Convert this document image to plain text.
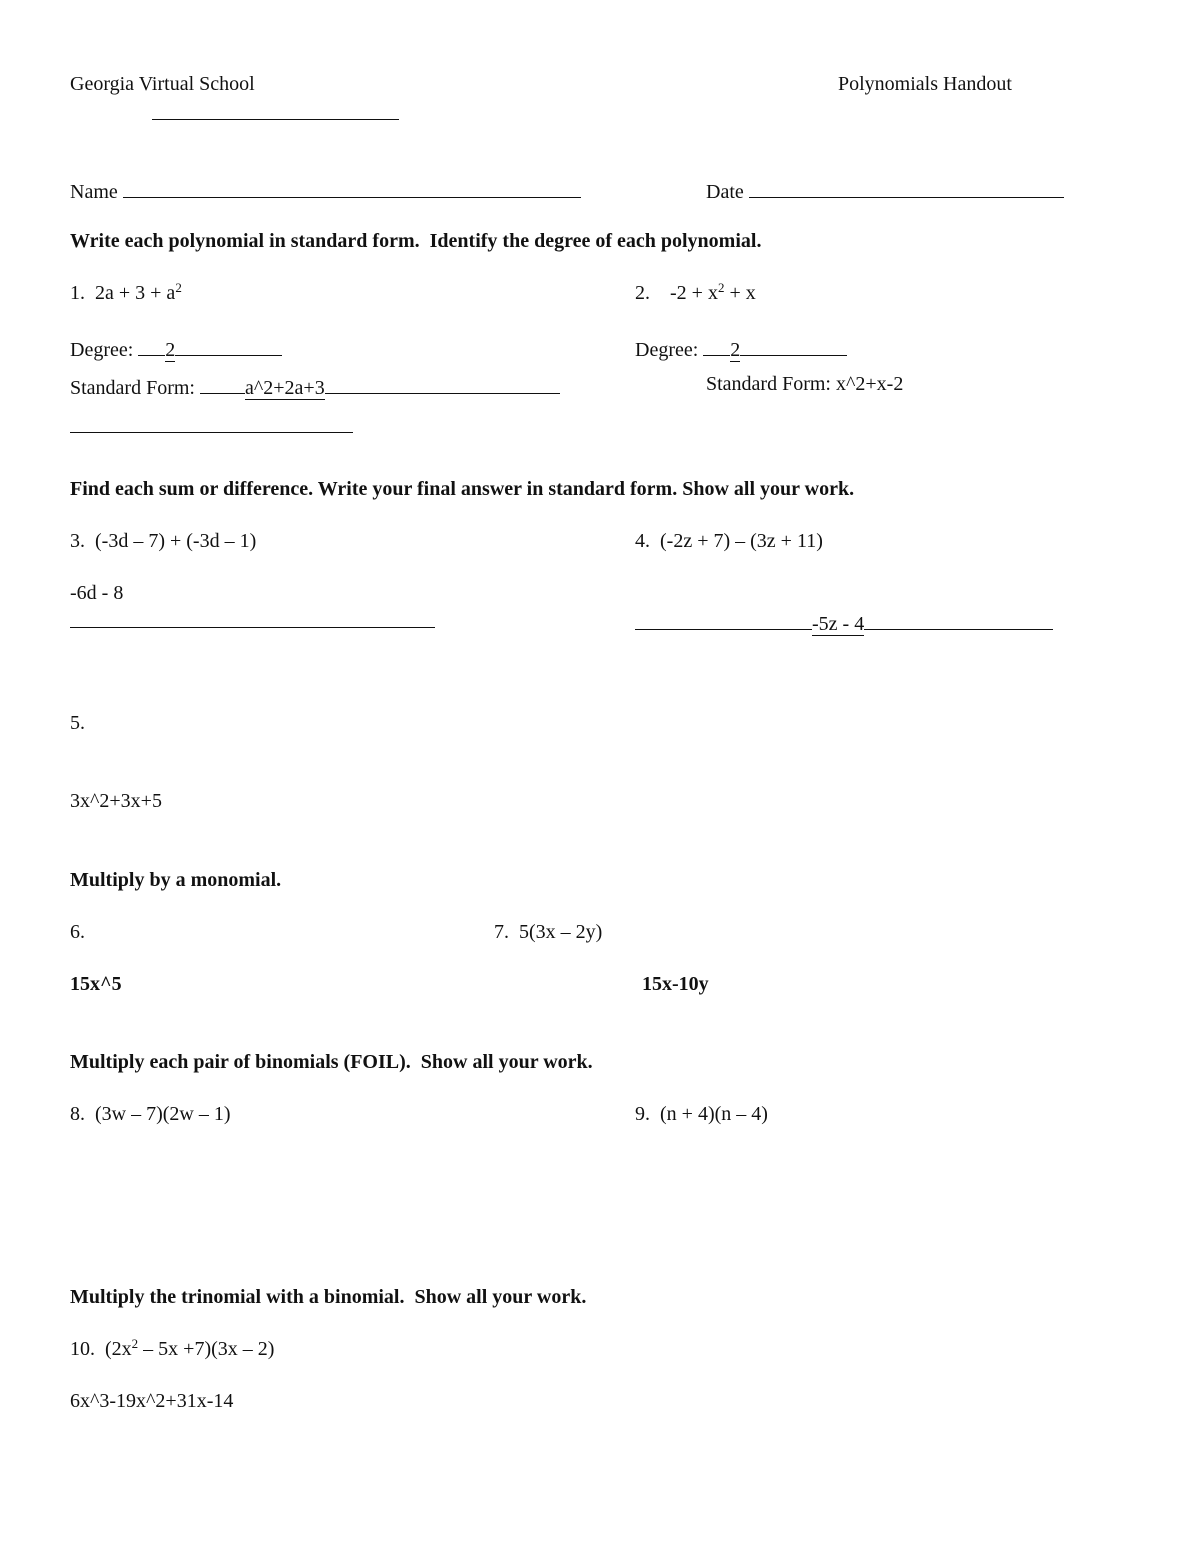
Georgia Virtual School	Polynomials Handout
Name	Date
Write each polynomial in standard form.  Identify the degree of each polynomial.
1. $2a + 3 + a^2$	2. $-2 + x^2 + x$
Degree: 2	Degree: 2
Standard Form:	a^2+2a+3	Standard Form: x^2+x-2
Find each sum or difference. Write your final answer in standard form. Show all your work.
3. (-3d – 7) + (-3d – 1)	4. (-2z + 7) – (3z + 11)
-6d - 8
-5z - 4
5.
3x^2+3x+5
Multiply by a monomial.
6.	7. 5(3x – 2y)
15x^5	15x-10y
Multiply each pair of binomials (FOIL).  Show all your work.
8. (3w – 7)(2w – 1)	9. (n + 4)(n – 4)
Multiply the trinomial with a binomial.  Show all your work.
10. $(2x^2 - 5x +7)(3x - 2)$
6x^3-19x^2+31x-14
